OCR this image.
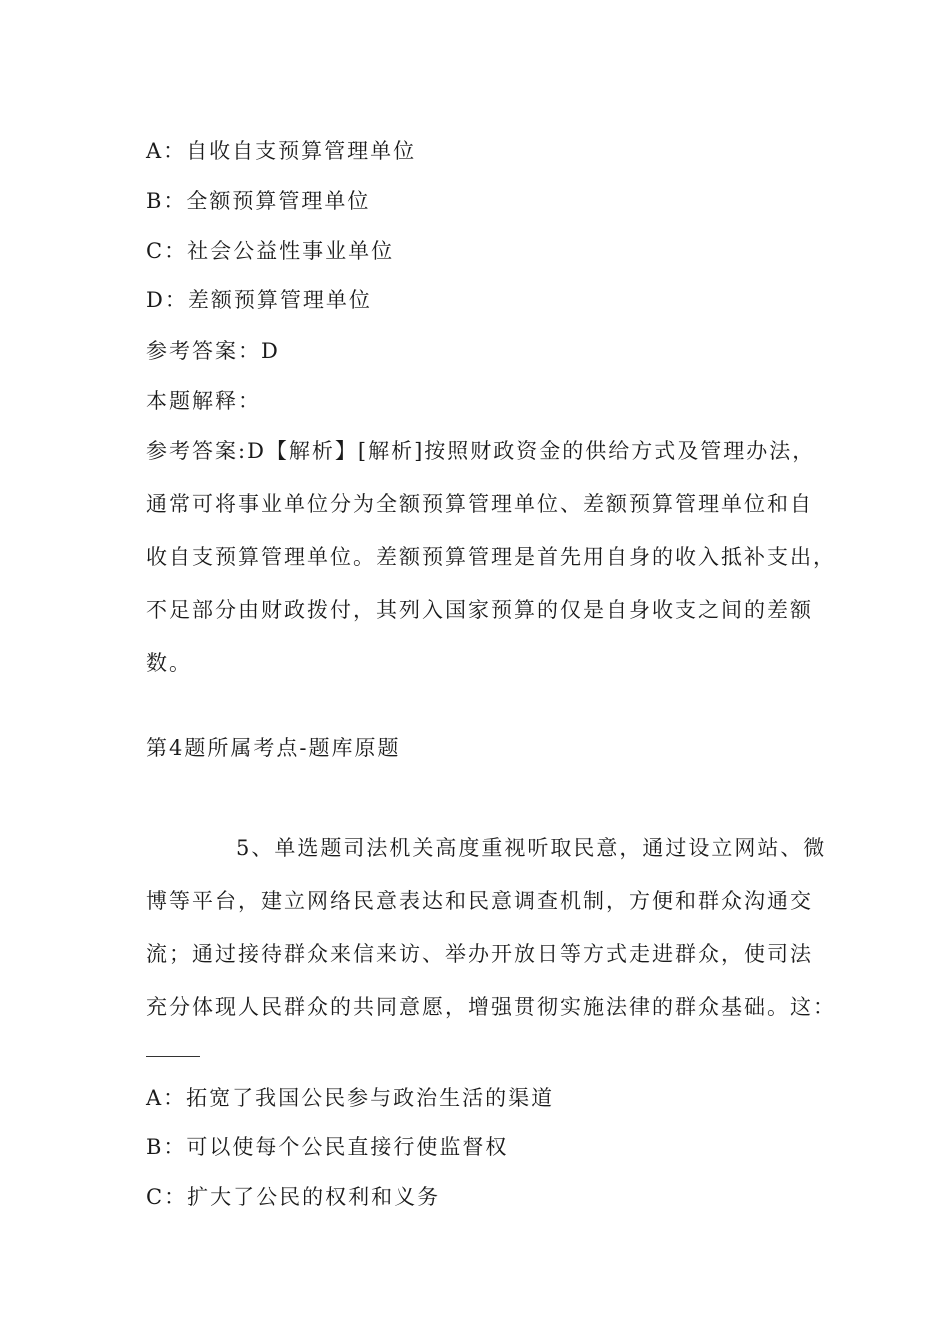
A：自收自支预算管理单位
B：全额预算管理单位
C：社会公益性事业单位
D：差额预算管理单位
参考答案：D
本题解释：

参考答案:D【解析】[解析]按照财政资金的供给方式及管理办法，

通常可将事业单位分为全额预算管理单位、差额预算管理单位和自

收自支预算管理单位。差额预算管理是首先用自身的收入抵补支出，

不足部分由财政拨付，其列入国家预算的仅是自身收支之间的差额

数。

第4题所属考点-题库原题

5、单选题司法机关高度重视听取民意，通过设立网站、微

博等平台，建立网络民意表达和民意调查机制，方便和群众沟通交

流；通过接待群众来信来访、举办开放日等方式走进群众，使司法

充分体现人民群众的共同意愿，增强贯彻实施法律的群众基础。这：

A：拓宽了我国公民参与政治生活的渠道
B：可以使每个公民直接行使监督权
C：扩大了公民的权利和义务
